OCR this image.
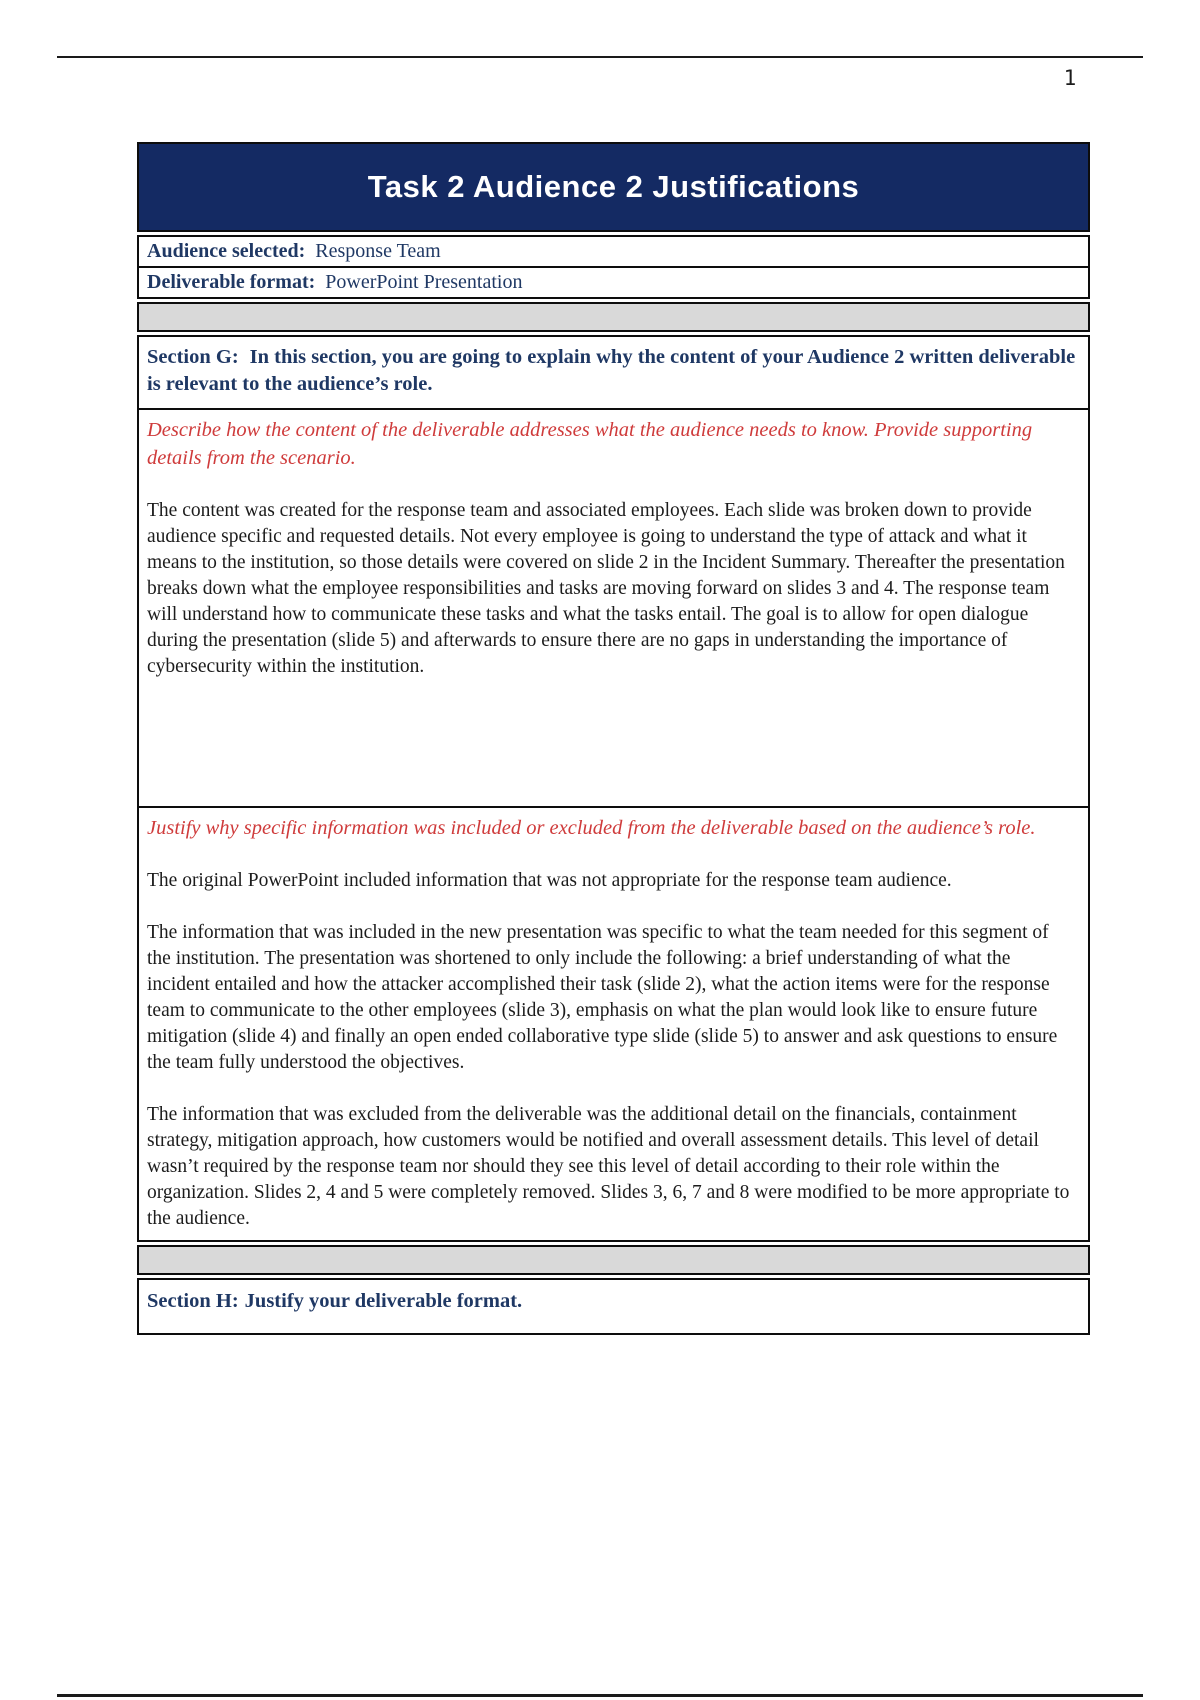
1
Task 2 Audience 2 Justifications
Audience selected: Response Team
Deliverable format: PowerPoint Presentation
Section G: In this section, you are going to explain why the content of your Audience 2 written deliverable is relevant to the audience’s role.

Describe how the content of the deliverable addresses what the audience needs to know. Provide supporting details from the scenario.

The content was created for the response team and associated employees. Each slide was broken down to provide audience specific and requested details. Not every employee is going to understand the type of attack and what it means to the institution, so those details were covered on slide 2 in the Incident Summary. Thereafter the presentation breaks down what the employee responsibilities and tasks are moving forward on slides 3 and 4. The response team will understand how to communicate these tasks and what the tasks entail. The goal is to allow for open dialogue during the presentation (slide 5) and afterwards to ensure there are no gaps in understanding the importance of cybersecurity within the institution.

Justify why specific information was included or excluded from the deliverable based on the audience’s role.

The original PowerPoint included information that was not appropriate for the response team audience.

The information that was included in the new presentation was specific to what the team needed for this segment of the institution. The presentation was shortened to only include the following: a brief understanding of what the incident entailed and how the attacker accomplished their task (slide 2), what the action items were for the response team to communicate to the other employees (slide 3), emphasis on what the plan would look like to ensure future mitigation (slide 4) and finally an open ended collaborative type slide (slide 5) to answer and ask questions to ensure the team fully understood the objectives.

The information that was excluded from the deliverable was the additional detail on the financials, containment strategy, mitigation approach, how customers would be notified and overall assessment details. This level of detail wasn’t required by the response team nor should they see this level of detail according to their role within the organization. Slides 2, 4 and 5 were completely removed. Slides 3, 6, 7 and 8 were modified to be more appropriate to the audience.

Section H: Justify your deliverable format.
